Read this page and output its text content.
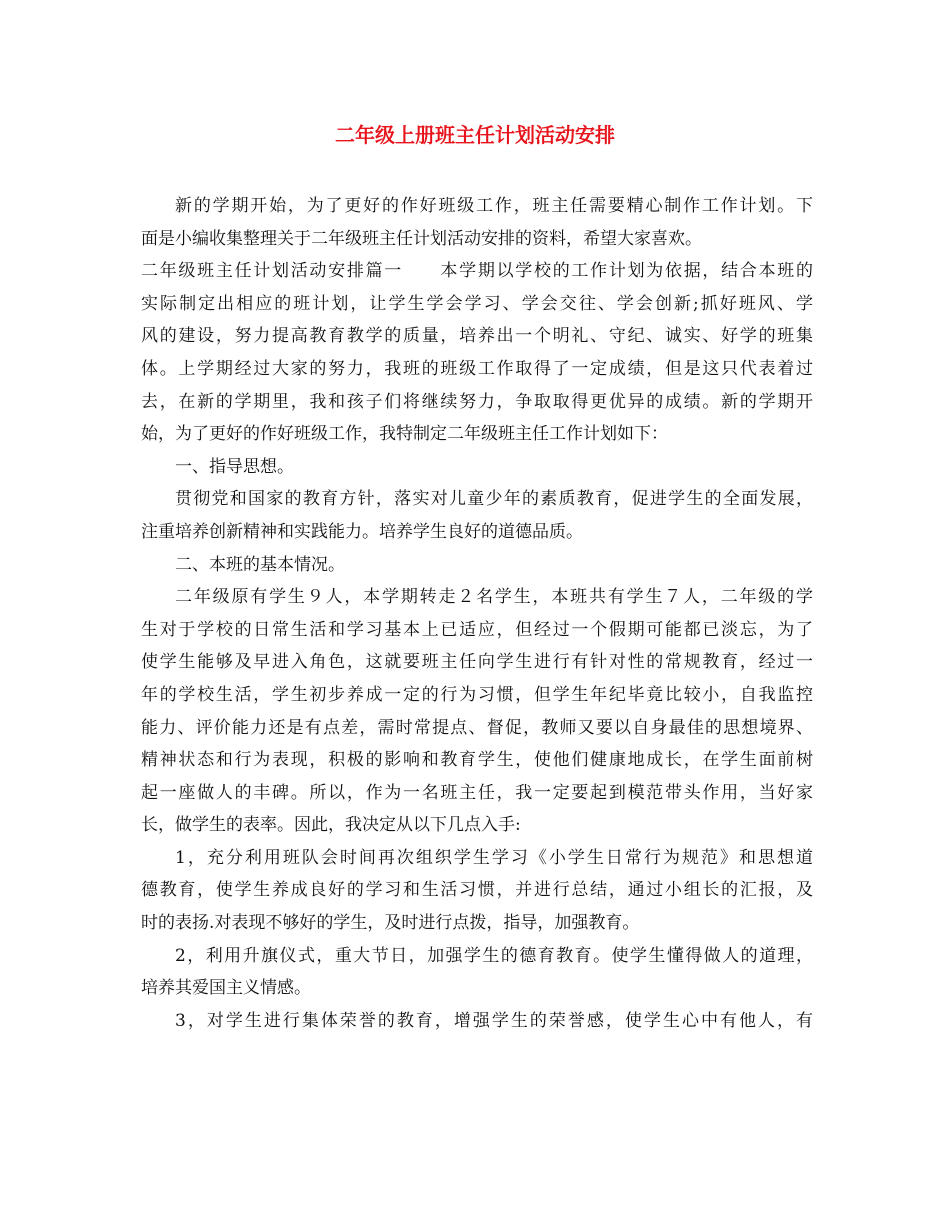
二年级上册班主任计划活动安排
新的学期开始，为了更好的作好班级工作，班主任需要精心制作工作计划。下
面是小编收集整理关于二年级班主任计划活动安排的资料，希望大家喜欢。
二年级班主任计划活动安排篇一　　本学期以学校的工作计划为依据，结合本班的
实际制定出相应的班计划，让学生学会学习、学会交往、学会创新;抓好班风、学
风的建设，努力提高教育教学的质量，培养出一个明礼、守纪、诚实、好学的班集
体。上学期经过大家的努力，我班的班级工作取得了一定成绩，但是这只代表着过
去，在新的学期里，我和孩子们将继续努力，争取取得更优异的成绩。新的学期开
始，为了更好的作好班级工作，我特制定二年级班主任工作计划如下：
一、指导思想。
贯彻党和国家的教育方针，落实对儿童少年的素质教育，促进学生的全面发展，
注重培养创新精神和实践能力。培养学生良好的道德品质。
二、本班的基本情况。
二年级原有学生９人，本学期转走２名学生，本班共有学生７人，二年级的学
生对于学校的日常生活和学习基本上已适应，但经过一个假期可能都已淡忘，为了
使学生能够及早进入角色，这就要班主任向学生进行有针对性的常规教育，经过一
年的学校生活，学生初步养成一定的行为习惯，但学生年纪毕竟比较小，自我监控
能力、评价能力还是有点差，需时常提点、督促，教师又要以自身最佳的思想境界、
精神状态和行为表现，积极的影响和教育学生，使他们健康地成长，在学生面前树
起一座做人的丰碑。所以，作为一名班主任，我一定要起到模范带头作用，当好家
长，做学生的表率。因此，我决定从以下几点入手:
1，充分利用班队会时间再次组织学生学习《小学生日常行为规范》和思想道
德教育，使学生养成良好的学习和生活习惯，并进行总结，通过小组长的汇报，及
时的表扬.对表现不够好的学生，及时进行点拨，指导，加强教育。
2，利用升旗仪式，重大节日，加强学生的德育教育。使学生懂得做人的道理，
培养其爱国主义情感。
3，对学生进行集体荣誉的教育，增强学生的荣誉感，使学生心中有他人，有
